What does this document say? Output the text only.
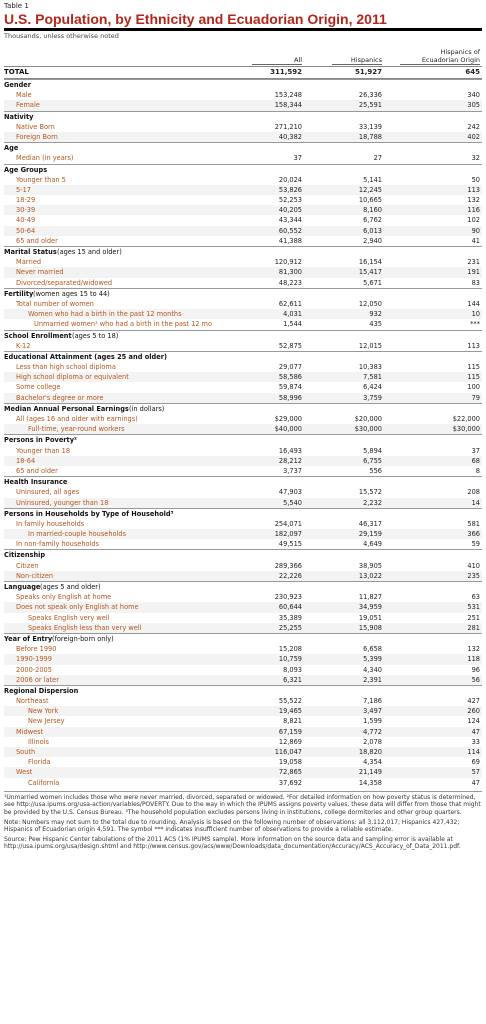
Table 1
U.S. Population, by Ethnicity and Ecuadorian Origin, 2011
Thousands, unless otherwise noted
All	Hispanics
Hispanics of
Ecuadorian Origin
TOTAL	311,592	51,927	645
Gender
Male	153,248	26,336	340
Female	158,344	25,591	305
Nativity
Native Born	271,210	33,139	242
Foreign Born	40,382	18,788	402
Age
Median (in years)	37	27	32
Age Groups
Younger than 5	20,024	5,141	50
5-17	53,826	12,245	113
18-29	52,253	10,665	132
30-39	40,205	8,160	116
40-49	43,344	6,762	102
50-64	60,552	6,013	90
65 and older	41,388	2,940	41
Marital Status (ages 15 and older)
Married	120,912	16,154	231
Never married	81,300	15,417	191
Divorced/separated/widowed	48,223	5,671	83
Fertility (women ages 15 to 44)
Total number of women	62,611	12,050	144
Women who had a birth in the past 12 months	4,031	932	10
Unmarried women¹ who had a birth in the past 12 mo	1,544	435	***
School Enrollment (ages 5 to 18)
K-12	52,875	12,015	113
Educational Attainment (ages 25 and older)
Less than high school diploma	29,077	10,383	115
High school diploma or equivalent	58,586	7,581	115
Some college	59,874	6,424	100
Bachelor's degree or more	58,996	3,759	79
Median Annual Personal Earnings (in dollars)
All (ages 16 and older with earnings)	$29,000	$20,000	$22,000
Full-time, year-round workers	$40,000	$30,000	$30,000
Persons in Poverty²
Younger than 18	16,493	5,894	37
18-64	28,212	6,755	68
65 and older	3,737	556	8
Health Insurance
Uninsured, all ages	47,903	15,572	208
Uninsured, younger than 18	5,540	2,232	14
Persons in Households by Type of Household³
In family households	254,071	46,317	581
In married-couple households	182,097	29,159	366
In non-family households	49,515	4,649	59
Citizenship
Citizen	289,366	38,905	410
Non-citizen	22,226	13,022	235
Language (ages 5 and older)
Speaks only English at home	230,923	11,827	63
Does not speak only English at home	60,644	34,959	531
Speaks English very well	35,389	19,051	251
Speaks English less than very well	25,255	15,908	281
Year of Entry (foreign-born only)
Before 1990	15,208	6,658	132
1990-1999	10,759	5,399	118
2000-2005	8,093	4,340	96
2006 or later	6,321	2,391	56
Regional Dispersion
Northeast	55,522	7,186	427
New York	19,465	3,497	260
New Jersey	8,821	1,599	124
Midwest	67,159	4,772	47
Illinois	12,869	2,078	33
South	116,047	18,820	114
Florida	19,058	4,354	69
West	72,865	21,149	57
California	37,692	14,358	47

¹Unmarried women includes those who were never married, divorced, separated or widowed. ²For detailed information on how poverty status is determined, see http://usa.ipums.org/usa-action/variables/POVERTY. Due to the way in which the IPUMS assigns poverty values, these data will differ from those that might be provided by the U.S. Census Bureau. ³The household population excludes persons living in institutions, college dormitories and other group quarters.

Note: Numbers may not sum to the total due to rounding. Analysis is based on the following number of observations: all 3,112,017; Hispanics 427,432; Hispanics of Ecuadorian origin 4,591. The symbol *** indicates insufficient number of observations to provide a reliable estimate.

Source: Pew Hispanic Center tabulations of the 2011 ACS (1% IPUMS sample). More information on the source data and sampling error is available at http://usa.ipums.org/usa/design.shtml and http://www.census.gov/acs/www/Downloads/data_documentation/Accuracy/ACS_Accuracy_of_Data_2011.pdf.
